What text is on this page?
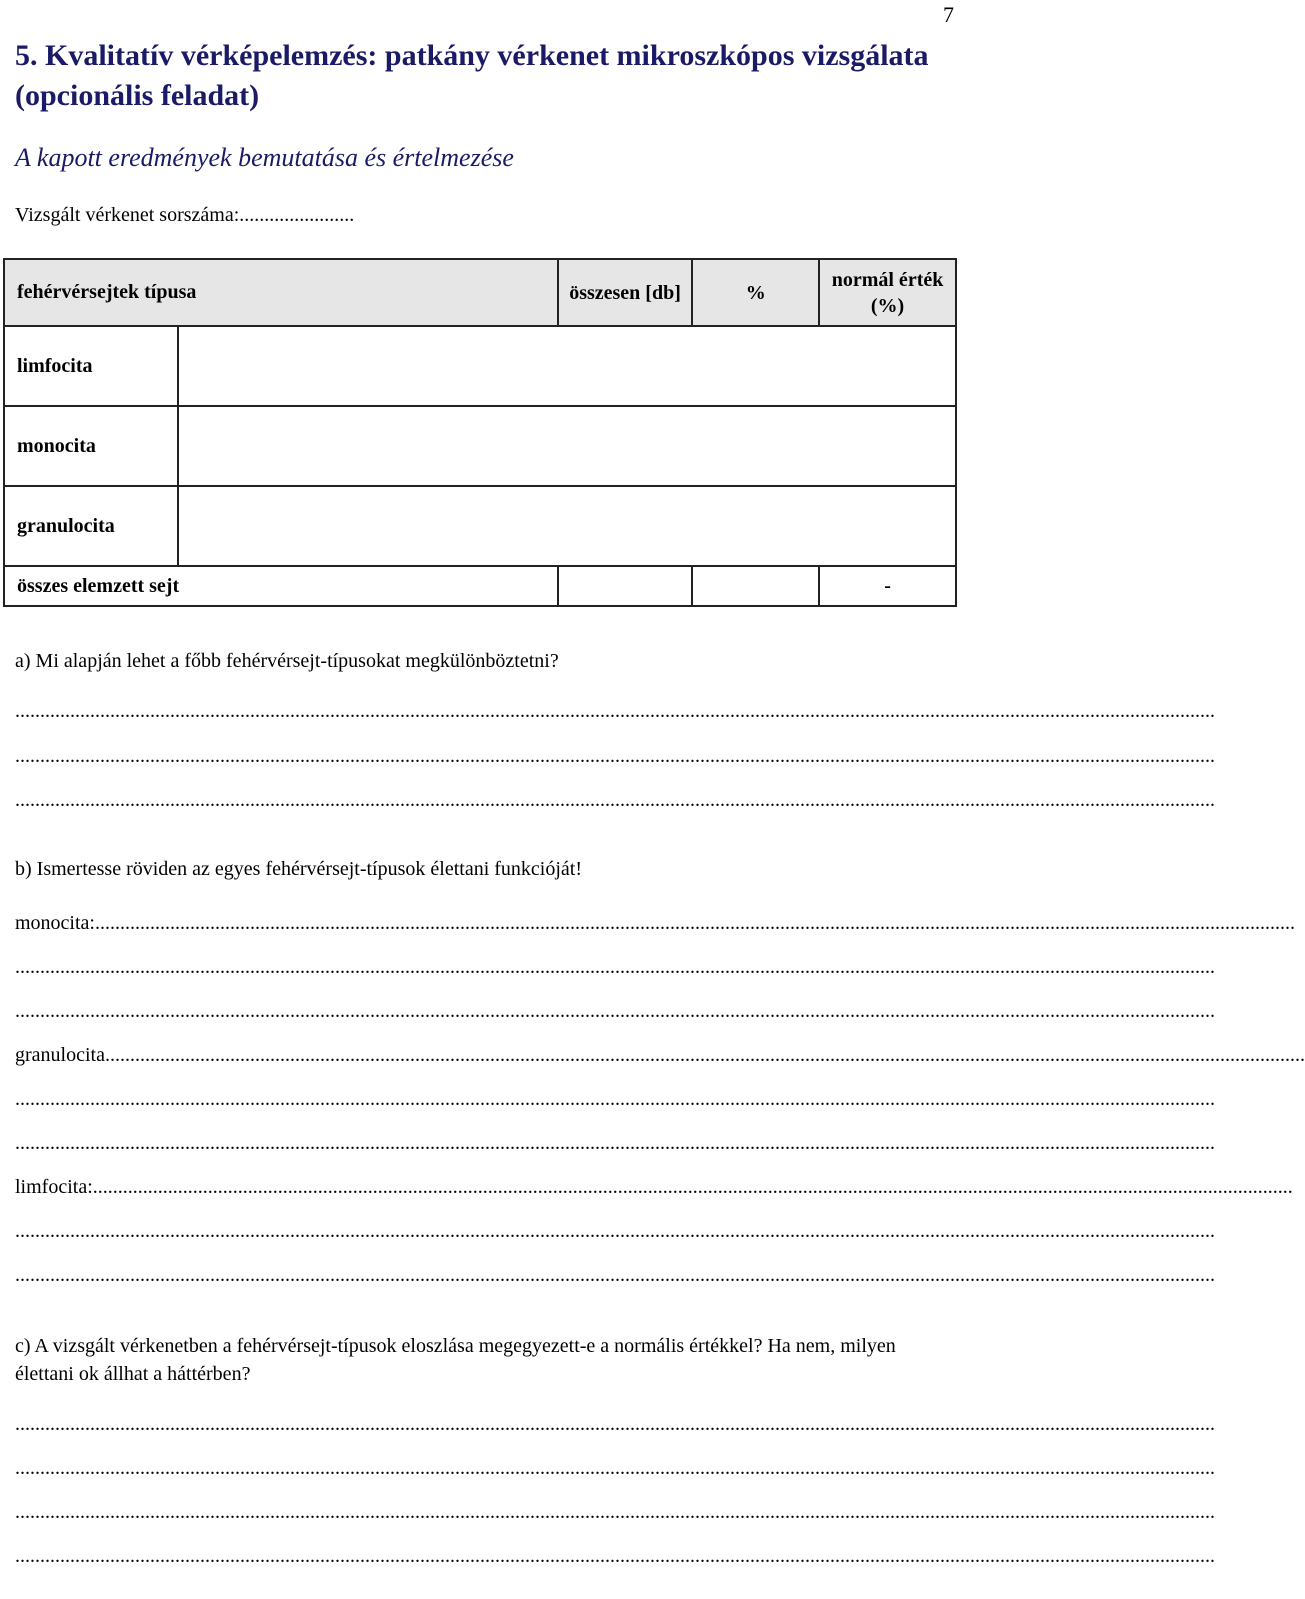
7
5. Kvalitatív vérképelemzés: patkány vérkenet mikroszkópos vizsgálata (opcionális feladat)
A kapott eredmények bemutatása és értelmezése
Vizsgált vérkenet sorszáma:.......................
fehérvérsejtek típusa		összesen [db]	%	normál érték (%)
limfocita				
monocita				
granulocita				
összes elemzett sejt				-
a) Mi alapján lehet a főbb fehérvérsejt-típusokat megkülönböztetni?
................................................................................................................................................................................................................................................
................................................................................................................................................................................................................................................
................................................................................................................................................................................................................................................
b) Ismertesse röviden az egyes fehérvérsejt-típusok élettani funkcióját!
monocita:................................................................................................................................................................................................................................................
................................................................................................................................................................................................................................................
................................................................................................................................................................................................................................................
granulocita................................................................................................................................................................................................................................................
................................................................................................................................................................................................................................................
................................................................................................................................................................................................................................................
limfocita:................................................................................................................................................................................................................................................
................................................................................................................................................................................................................................................
................................................................................................................................................................................................................................................
c) A vizsgált vérkenetben a fehérvérsejt-típusok eloszlása megegyezett-e a normális értékkel? Ha nem, milyen élettani ok állhat a háttérben?
................................................................................................................................................................................................................................................
................................................................................................................................................................................................................................................
................................................................................................................................................................................................................................................
................................................................................................................................................................................................................................................
